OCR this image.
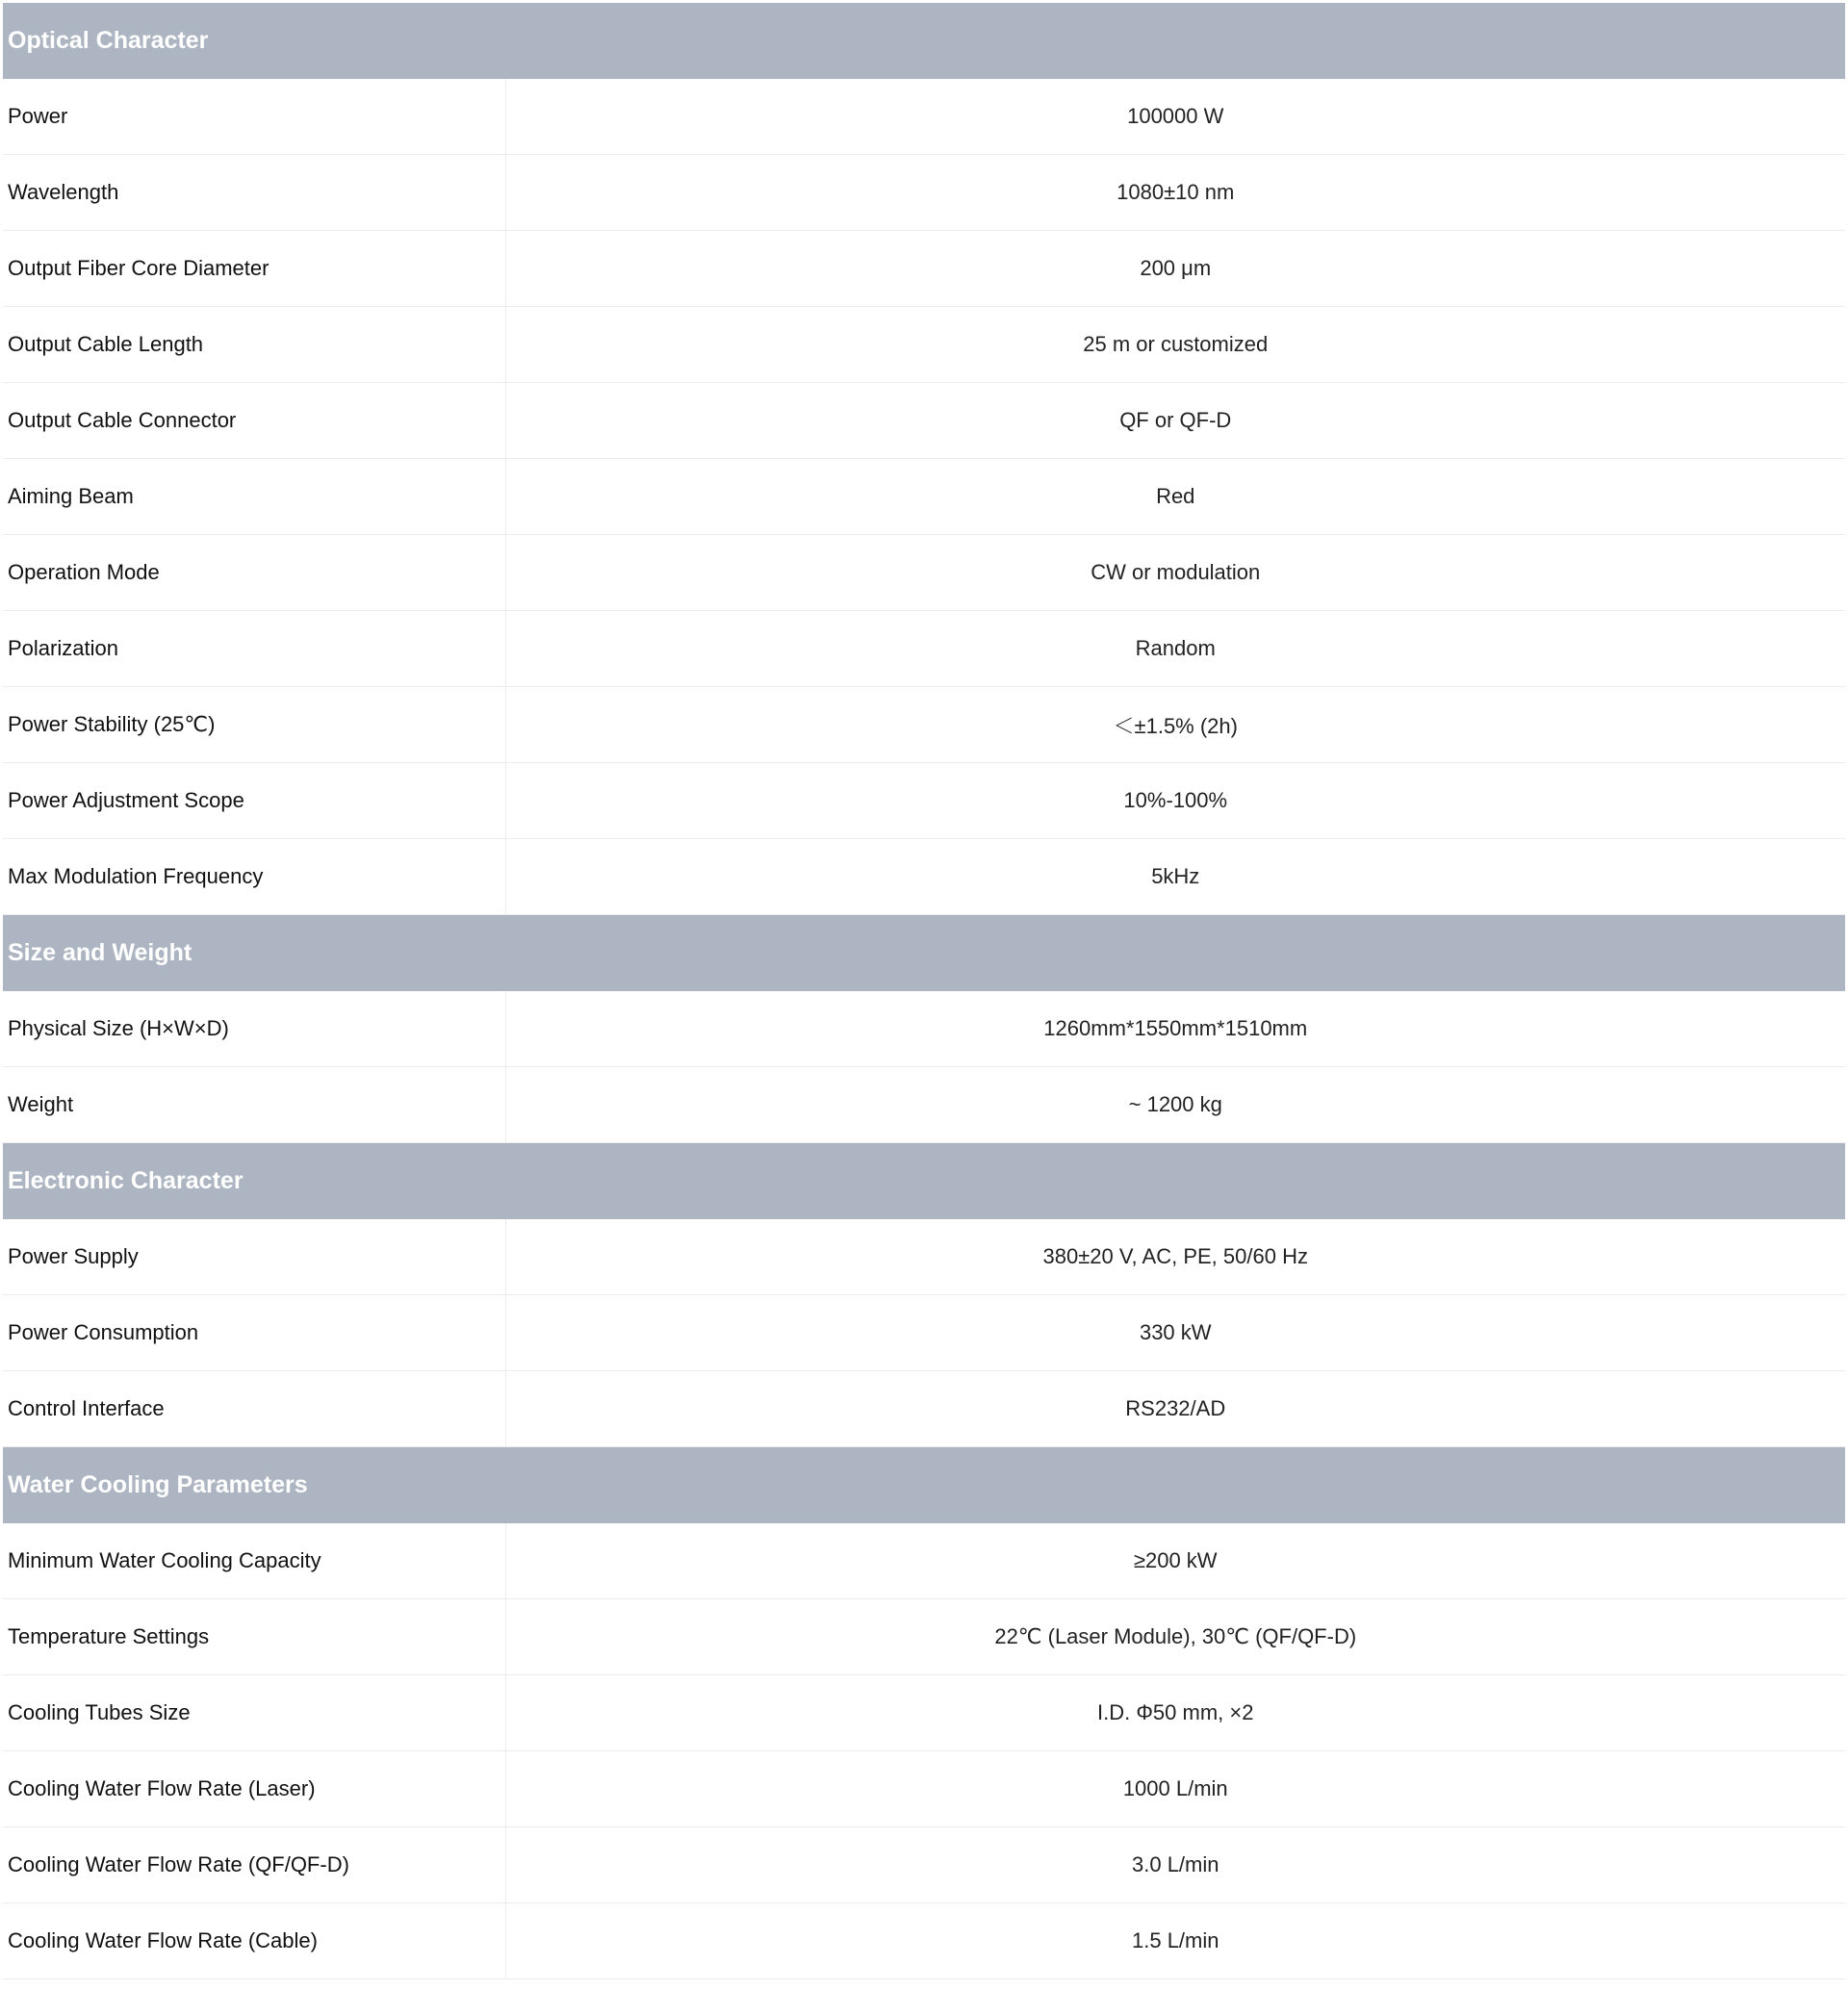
Optical Character	
Power	100000 W
Wavelength	1080±10 nm
Output Fiber Core Diameter	200 μm
Output Cable Length	25 m or customized
Output Cable Connector	QF or QF-D
Aiming Beam	Red
Operation Mode	CW or modulation
Polarization	Random
Power Stability (25℃)	＜±1.5% (2h)
Power Adjustment Scope	10%-100%
Max Modulation Frequency	5kHz
Size and Weight	
Physical Size (H×W×D)	1260mm*1550mm*1510mm
Weight	~ 1200 kg
Electronic Character	
Power Supply	380±20 V, AC, PE, 50/60 Hz
Power Consumption	330 kW
Control Interface	RS232/AD
Water Cooling Parameters	
Minimum Water Cooling Capacity	≥200 kW
Temperature Settings	22℃ (Laser Module), 30℃ (QF/QF-D)
Cooling Tubes Size	I.D. Φ50 mm, ×2
Cooling Water Flow Rate (Laser)	1000 L/min
Cooling Water Flow Rate (QF/QF-D)	3.0 L/min
Cooling Water Flow Rate (Cable)	1.5 L/min
